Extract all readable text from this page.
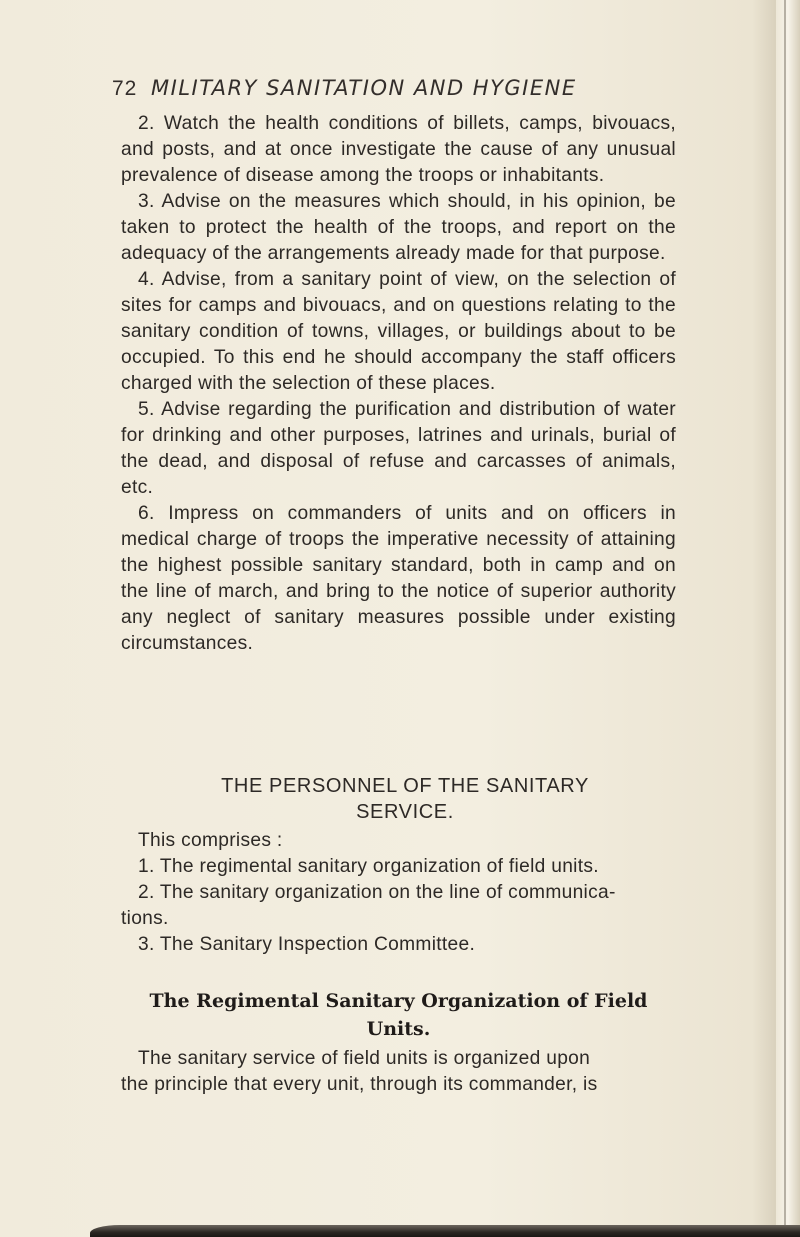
72 MILITARY SANITATION AND HYGIENE

2. Watch the health conditions of billets, camps, bivouacs, and posts, and at once investigate the cause of any unusual prevalence of disease among the troops or inhabitants.

3. Advise on the measures which should, in his opinion, be taken to protect the health of the troops, and report on the adequacy of the arrangements already made for that purpose.

4. Advise, from a sanitary point of view, on the selection of sites for camps and bivouacs, and on questions relating to the sanitary condition of towns, villages, or buildings about to be occupied. To this end he should accompany the staff officers charged with the selection of these places.

5. Advise regarding the purification and distribution of water for drinking and other purposes, latrines and urinals, burial of the dead, and disposal of refuse and carcasses of animals, etc.

6. Impress on commanders of units and on officers in medical charge of troops the imperative necessity of attaining the highest possible sanitary standard, both in camp and on the line of march, and bring to the notice of superior authority any neglect of sanitary measures possible under existing circumstances.

THE PERSONNEL OF THE SANITARY
SERVICE.

This comprises :

1. The regimental sanitary organization of field units.

2. The sanitary organization on the line of communica-

tions.

3. The Sanitary Inspection Committee.

The Regimental Sanitary Organization of Field
Units.

The sanitary service of field units is organized upon

the principle that every unit, through its commander, is
